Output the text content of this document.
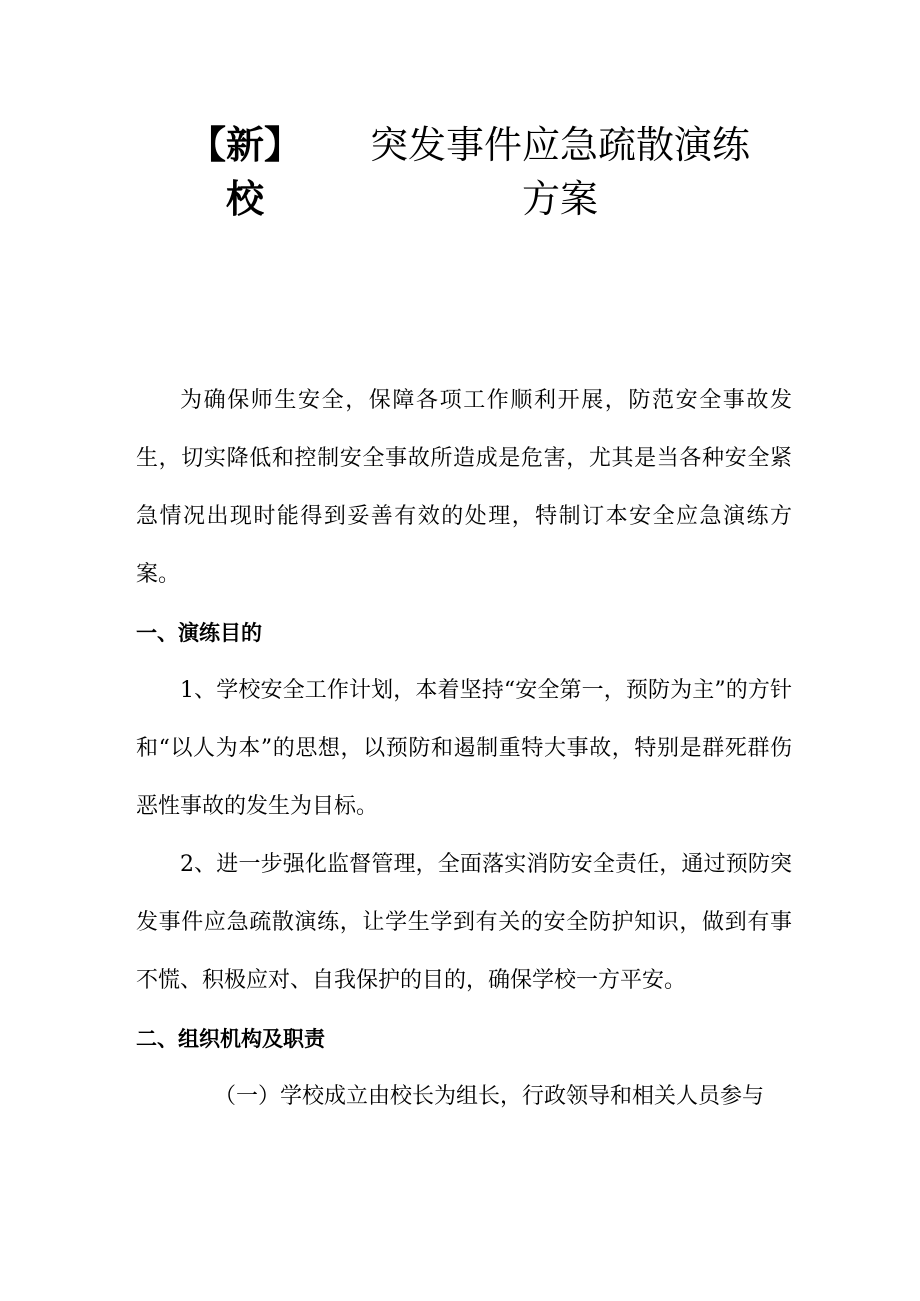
【新】
校
突发事件应急疏散演练
方案

为确保师生安全，保障各项工作顺利开展，防范安全事故发生，切实降低和控制安全事故所造成是危害，尤其是当各种安全紧急情况出现时能得到妥善有效的处理，特制订本安全应急演练方案。

一、演练目的

1、学校安全工作计划，本着坚持“安全第一，预防为主”的方针和“以人为本”的思想，以预防和遏制重特大事故，特别是群死群伤恶性事故的发生为目标。

2、进一步强化监督管理，全面落实消防安全责任，通过预防突发事件应急疏散演练，让学生学到有关的安全防护知识，做到有事不慌、积极应对、自我保护的目的，确保学校一方平安。

二、组织机构及职责

（一）学校成立由校长为组长，行政领导和相关人员参与
